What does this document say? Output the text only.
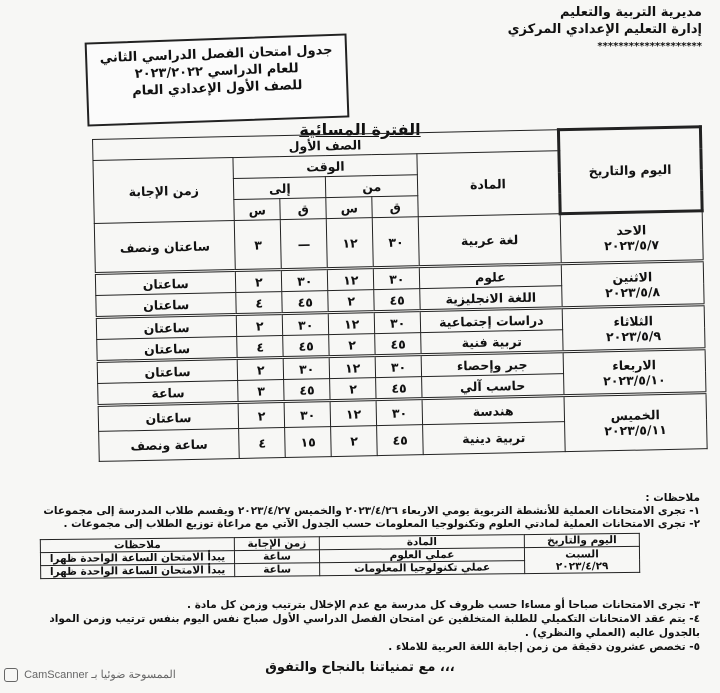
مديرية التربية والتعليم
إدارة التعليم الإعدادي المركزي
********************
جدول امتحان الفصل الدراسي الثاني
للعام الدراسي ٢٠٢٣/٢٠٢٢
للصف الأول الإعدادي العام
الفترة المسائية
اليوم والتاريخ	الصف الأول					
	المادة	الوقت				زمن الإجابة
		من		إلى		
		ق	س	ق	س	

الاحد
٢٠٢٣/٥/٧	لغة عربية	٣٠	١٢	—	٣	ساعتان ونصف

الاثنين
٢٠٢٣/٥/٨	علوم	٣٠	١٢	٣٠	٢	ساعتان
	اللغة الانجليزية	٤٥	٢	٤٥	٤	ساعتان

الثلاثاء
٢٠٢٣/٥/٩	دراسات إجتماعية	٣٠	١٢	٣٠	٢	ساعتان
	تربية فنية	٤٥	٢	٤٥	٤	ساعتان

الاربعاء
٢٠٢٣/٥/١٠	جبر وإحصاء	٣٠	١٢	٣٠	٢	ساعتان
	حاسب آلي	٤٥	٢	٤٥	٣	ساعة

الخميس
٢٠٢٣/٥/١١	هندسة	٣٠	١٢	٣٠	٢	ساعتان
	تربية دينية	٤٥	٢	١٥	٤	ساعة ونصف

ملاحظات :

١- تجرى الامتحانات العملية للأنشطة التربوية يومي الاربعاء ٢٠٢٣/٤/٢٦ والخميس ٢٠٢٣/٤/٢٧ ويقسم طلاب المدرسة إلى مجموعات

٢- تجرى الامتحانات العملية لمادتي العلوم وتكنولوجيا المعلومات حسب الجدول الآتي مع مراعاة توزيع الطلاب إلى مجموعات .

اليوم والتاريخ	المادة	زمن الإجابة	ملاحظات

السبت
٢٠٢٣/٤/٢٩	عملي العلوم	ساعة	يبدأ الامتحان الساعة الواحدة ظهرا
	عملي تكنولوجيا المعلومات	ساعة	يبدأ الامتحان الساعة الواحدة ظهرا

٣- تجرى الامتحانات صباحا أو مساءا حسب ظروف كل مدرسة مع عدم الإخلال بترتيب وزمن كل مادة .

٤- يتم عقد الامتحانات التكميلي للطلبة المتخلفين عن امتحان الفصل الدراسي الأول صباح نفس اليوم بنفس ترتيب وزمن المواد بالجدول عاليه (العملي والنظري) .

٥- تخصص عشرون دقيقة من زمن إجابة اللغة العربية للاملاء .

مع تمنياتنا بالنجاح والتفوق ،،،
CamScanner الممسوحة ضوئيا بـ
